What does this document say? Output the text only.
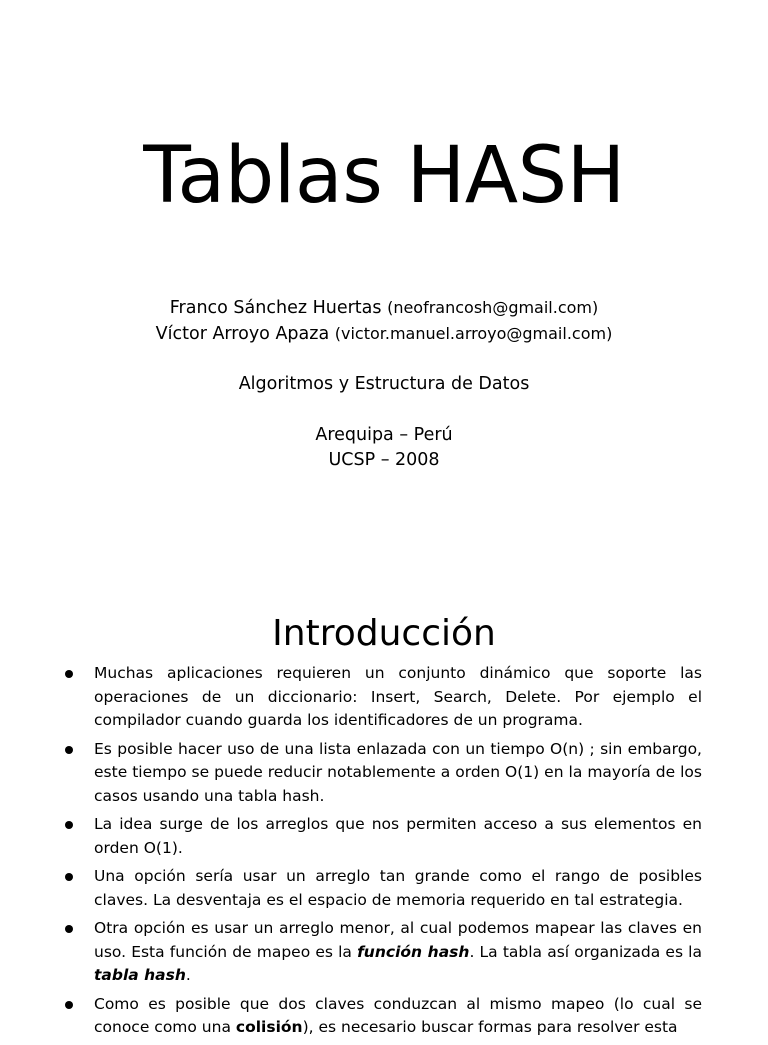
Tablas HASH
Franco Sánchez Huertas (neofrancosh@gmail.com)
Víctor Arroyo Apaza (victor.manuel.arroyo@gmail.com)
Algoritmos y Estructura de Datos
Arequipa – Perú
UCSP – 2008
Introducción
Muchas aplicaciones requieren un conjunto dinámico que soporte las operaciones de un diccionario: Insert, Search, Delete. Por ejemplo el compilador cuando guarda los identificadores de un programa.
Es posible hacer uso de una lista enlazada con un tiempo O(n) ; sin embargo, este tiempo se puede reducir notablemente a orden O(1) en la mayoría de los casos usando una tabla hash.
La idea surge de los arreglos que nos permiten acceso a sus elementos en orden O(1).
Una opción sería usar un arreglo tan grande como el rango de posibles claves. La desventaja es el espacio de memoria requerido en tal estrategia.
Otra opción es usar un arreglo menor, al cual podemos mapear las claves en uso. Esta función de mapeo es la función hash. La tabla así organizada es la tabla hash.
Como es posible que dos claves conduzcan al mismo mapeo (lo cual se conoce como una colisión), es necesario buscar formas para resolver esta
